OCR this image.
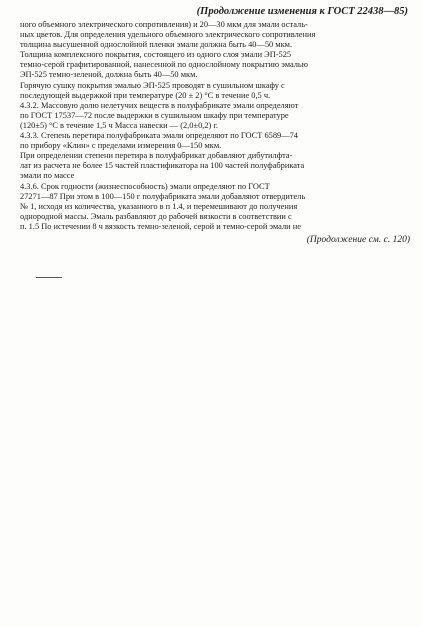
(Продолжение изменения к ГОСТ 22438—85)
ного объемного электрического сопротивления) и 20—30 мкм для эмали осталь-
ных цветов. Для определения удельного объемного электрического сопротивления
толщина высушенной однослойной пленки эмали должна быть 40—50 мкм.
Толщина комплексного покрытия, состоящего из одного слоя эмали ЭП-525
темно-серой графитированной, нанесенной по однослойному покрытию эмалью
ЭП-525 темно-зеленой, должна быть 40—50 мкм.
Горячую сушку покрытия эмалью ЭП-525 проводят в сушильном шкафу с
последующей выдержкой при температуре (20 ± 2) °С в течение 0,5 ч.
4.3.2. Массовую долю нелетучих веществ в полуфабрикате эмали определяют
по ГОСТ 17537—72 после выдержки в сушильном шкафу при температуре
(120±5) °С в течение 1,5 ч Масса навески — (2,0±0,2) г.
4.3.3. Степень перетира полуфабриката эмали определяют по ГОСТ 6589—74
по прибору «Клин» с пределами измерения 0—150 мкм.
При определении степени перетира в полуфабрикат добавляют дибутилфта-
лат из расчета не более 15 частей пластификатора на 100 частей полуфабриката
эмали по массе
4.3.6. Срок годности (жизнеспособность) эмали определяют по ГОСТ
27271—87 При этом в 100—150 г полуфабриката эмали добавляют отвердитель
№ 1, исходя из количества, указанного в п 1.4, и перемешивают до получения
однородной массы. Эмаль разбавляют до рабочей вязкости в соответствии с
п. 1.5 По истечении 8 ч вязкость темно-зеленой, серой и темно-серой эмали не
(Продолжение см. с. 120)
